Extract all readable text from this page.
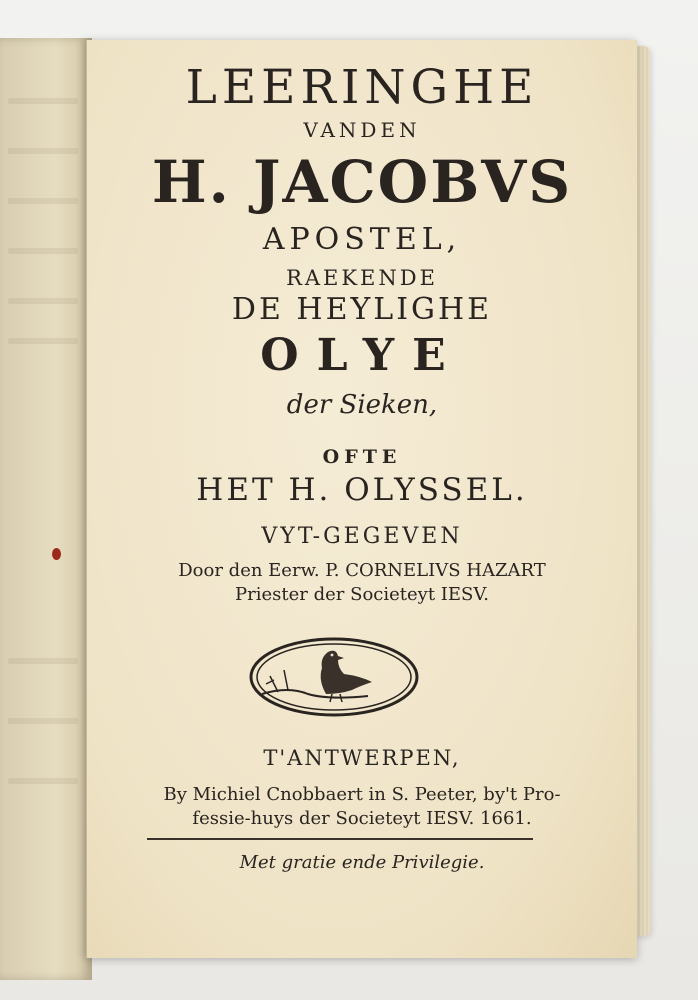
LEERINGHE
VANDEN
H. JACOBVS
APOSTEL,
RAEKENDE
DE HEYLIGHE
OLYE
der Sieken,
OFTE
HET H. OLYSSEL.
VYT-GEGEVEN
Door den Eerw. P. CORNELIVS HAZART
Priester der Societeyt IESV.
T'ANTWERPEN,
By Michiel Cnobbaert in S. Peeter, by't Pro-
fessie-huys der Societeyt IESV. 1661.
Met gratie ende Privilegie.
